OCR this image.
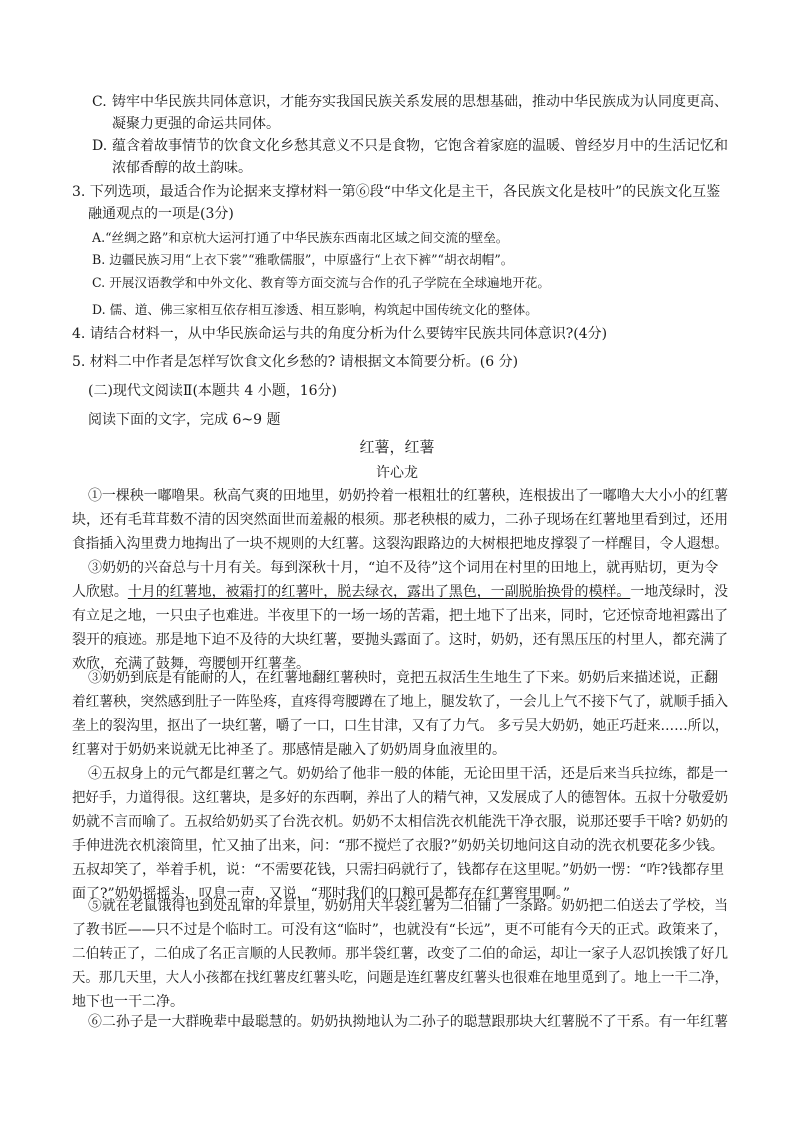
C. 铸牢中华民族共同体意识，才能夯实我国民族关系发展的思想基础，推动中华民族成为认同度更高、
凝聚力更强的命运共同体。
D. 蕴含着故事情节的饮食文化乡愁其意义不只是食物，它饱含着家庭的温暖、曾经岁月中的生活记忆和
浓郁香醇的故土韵味。
3. 下列选项，最适合作为论据来支撑材料一第⑥段“中华文化是主干，各民族文化是枝叶”的民族文化互鉴
融通观点的一项是(3分)
A.“丝绸之路”和京杭大运河打通了中华民族东西南北区域之间交流的壁垒。
B. 边疆民族习用“上衣下裳”“雅歌儒服”，中原盛行“上衣下裤”“胡衣胡帽”。
C. 开展汉语教学和中外文化、教育等方面交流与合作的孔子学院在全球遍地开花。
D. 儒、道、佛三家相互依存相互渗透、相互影响，构筑起中国传统文化的整体。
4. 请结合材料一，从中华民族命运与共的角度分析为什么要铸牢民族共同体意识?(4分)
5. 材料二中作者是怎样写饮食文化乡愁的? 请根据文本简要分析。(6 分)
(二)现代文阅读Ⅱ(本题共 4 小题，16分)
阅读下面的文字，完成 6~9 题
红薯，红薯
许心龙
①一棵秧一嘟噜果。秋高气爽的田地里，奶奶拎着一根粗壮的红薯秧，连根拔出了一嘟噜大大小小的红薯
块，还有毛茸茸数不清的因突然面世而羞赧的根须。那老秧根的威力，二孙子现场在红薯地里看到过，还用
食指插入沟里费力地掏出了一块不规则的大红薯。这裂沟跟路边的大树根把地皮撑裂了一样醒目，令人遐想。
③奶奶的兴奋总与十月有关。每到深秋十月，“迫不及待”这个词用在村里的田地上，就再贴切，更为令
人欣慰。十月的红薯地，被霜打的红薯叶，脱去绿衣，露出了黑色，一副脱胎换骨的模样。一地茂绿时，没
有立足之地，一只虫子也难进。半夜里下的一场一场的苦霜，把土地下了出来，同时，它还惊奇地袒露出了
裂开的痕迹。那是地下迫不及待的大块红薯，要抛头露面了。这时，奶奶，还有黑压压的村里人，都充满了
欢欣，充满了鼓舞，弯腰刨开红薯垄。
③奶奶到底是有能耐的人，在红薯地翻红薯秧时，竟把五叔活生生地生了下来。奶奶后来描述说，正翻
着红薯秧，突然感到肚子一阵坠疼，直疼得弯腰蹲在了地上，腿发软了，一会儿上气不接下气了，就顺手插入
垄上的裂沟里，抠出了一块红薯，嚼了一口，口生甘津，又有了力气。 多亏吴大奶奶，她正巧赶来……所以，
红薯对于奶奶来说就无比神圣了。那感情是融入了奶奶周身血液里的。
④五叔身上的元气都是红薯之气。奶奶给了他非一般的体能，无论田里干活，还是后来当兵拉练，都是一
把好手，力道得很。这红薯块，是多好的东西啊，养出了人的精气神，又发展成了人的德智体。五叔十分敬爱奶
奶就不言而喻了。五叔给奶奶买了台洗衣机。奶奶不太相信洗衣机能洗干净衣服，说那还要手干啥? 奶奶的
手伸进洗衣机滚筒里，忙又抽了出来，问：“那不搅烂了衣服?”奶奶关切地问这自动的洗衣机要花多少钱。
五叔却笑了，举着手机，说：“不需要花钱，只需扫码就行了，钱都存在这里呢。”奶奶一愣：“咋?钱都存里
面了?”奶奶摇摇头，叹息一声，又说，“那时我们的口粮可是都存在红薯窖里啊。”
⑤就在老鼠饿得也到处乱窜的年景里，奶奶用大半袋红薯为二伯铺了一条路。奶奶把二伯送去了学校，当
了教书匠——只不过是个临时工。可没有这“临时”，也就没有“长远”，更不可能有今天的正式。政策来了，
二伯转正了，二伯成了名正言顺的人民教师。那半袋红薯，改变了二伯的命运，却让一家子人忍饥挨饿了好几
天。那几天里，大人小孩都在找红薯皮红薯头吃，问题是连红薯皮红薯头也很难在地里觅到了。地上一干二净，
地下也一干二净。
⑥二孙子是一大群晚辈中最聪慧的。奶奶执拗地认为二孙子的聪慧跟那块大红薯脱不了干系。有一年红薯
